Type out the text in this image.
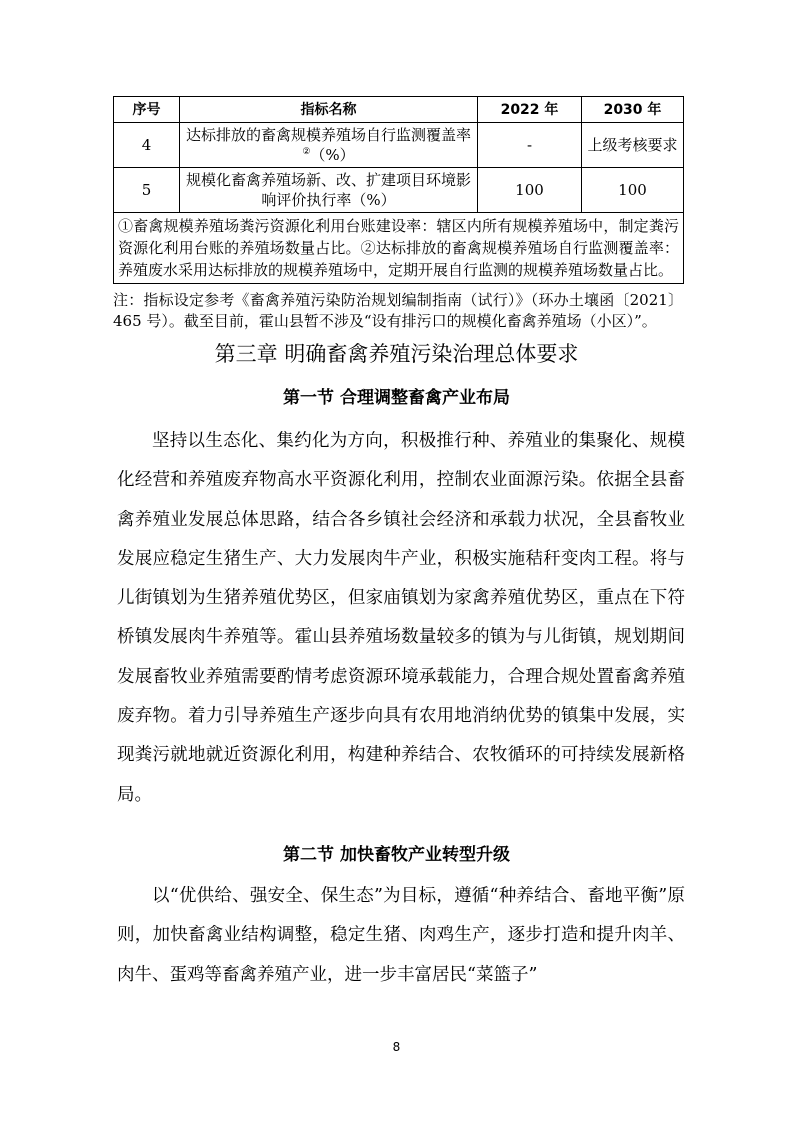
序号	指标名称	2022 年	2030 年
4	达标排放的畜禽规模养殖场自行监测覆盖率②（%）	-	上级考核要求
5	规模化畜禽养殖场新、改、扩建项目环境影响评价执行率（%）	100	100
①畜禽规模养殖场粪污资源化利用台账建设率：辖区内所有规模养殖场中，制定粪污资源化利用台账的养殖场数量占比。②达标排放的畜禽规模养殖场自行监测覆盖率：养殖废水采用达标排放的规模养殖场中，定期开展自行监测的规模养殖场数量占比。			
注：指标设定参考《畜禽养殖污染防治规划编制指南（试行）》（环办土壤函〔2021〕465 号）。截至目前，霍山县暂不涉及“设有排污口的规模化畜禽养殖场（小区）”。
第三章 明确畜禽养殖污染治理总体要求
第一节 合理调整畜禽产业布局

坚持以生态化、集约化为方向，积极推行种、养殖业的集聚化、规模化经营和养殖废弃物高水平资源化利用，控制农业面源污染。依据全县畜禽养殖业发展总体思路，结合各乡镇社会经济和承载力状况，全县畜牧业发展应稳定生猪生产、大力发展肉牛产业，积极实施秸秆变肉工程。将与儿街镇划为生猪养殖优势区，但家庙镇划为家禽养殖优势区，重点在下符桥镇发展肉牛养殖等。霍山县养殖场数量较多的镇为与儿街镇，规划期间发展畜牧业养殖需要酌情考虑资源环境承载能力，合理合规处置畜禽养殖废弃物。着力引导养殖生产逐步向具有农用地消纳优势的镇集中发展，实现粪污就地就近资源化利用，构建种养结合、农牧循环的可持续发展新格局。

第二节 加快畜牧产业转型升级

以“优供给、强安全、保生态”为目标，遵循“种养结合、畜地平衡”原则，加快畜禽业结构调整，稳定生猪、肉鸡生产，逐步打造和提升肉羊、肉牛、蛋鸡等畜禽养殖产业，进一步丰富居民“菜篮子”

8
